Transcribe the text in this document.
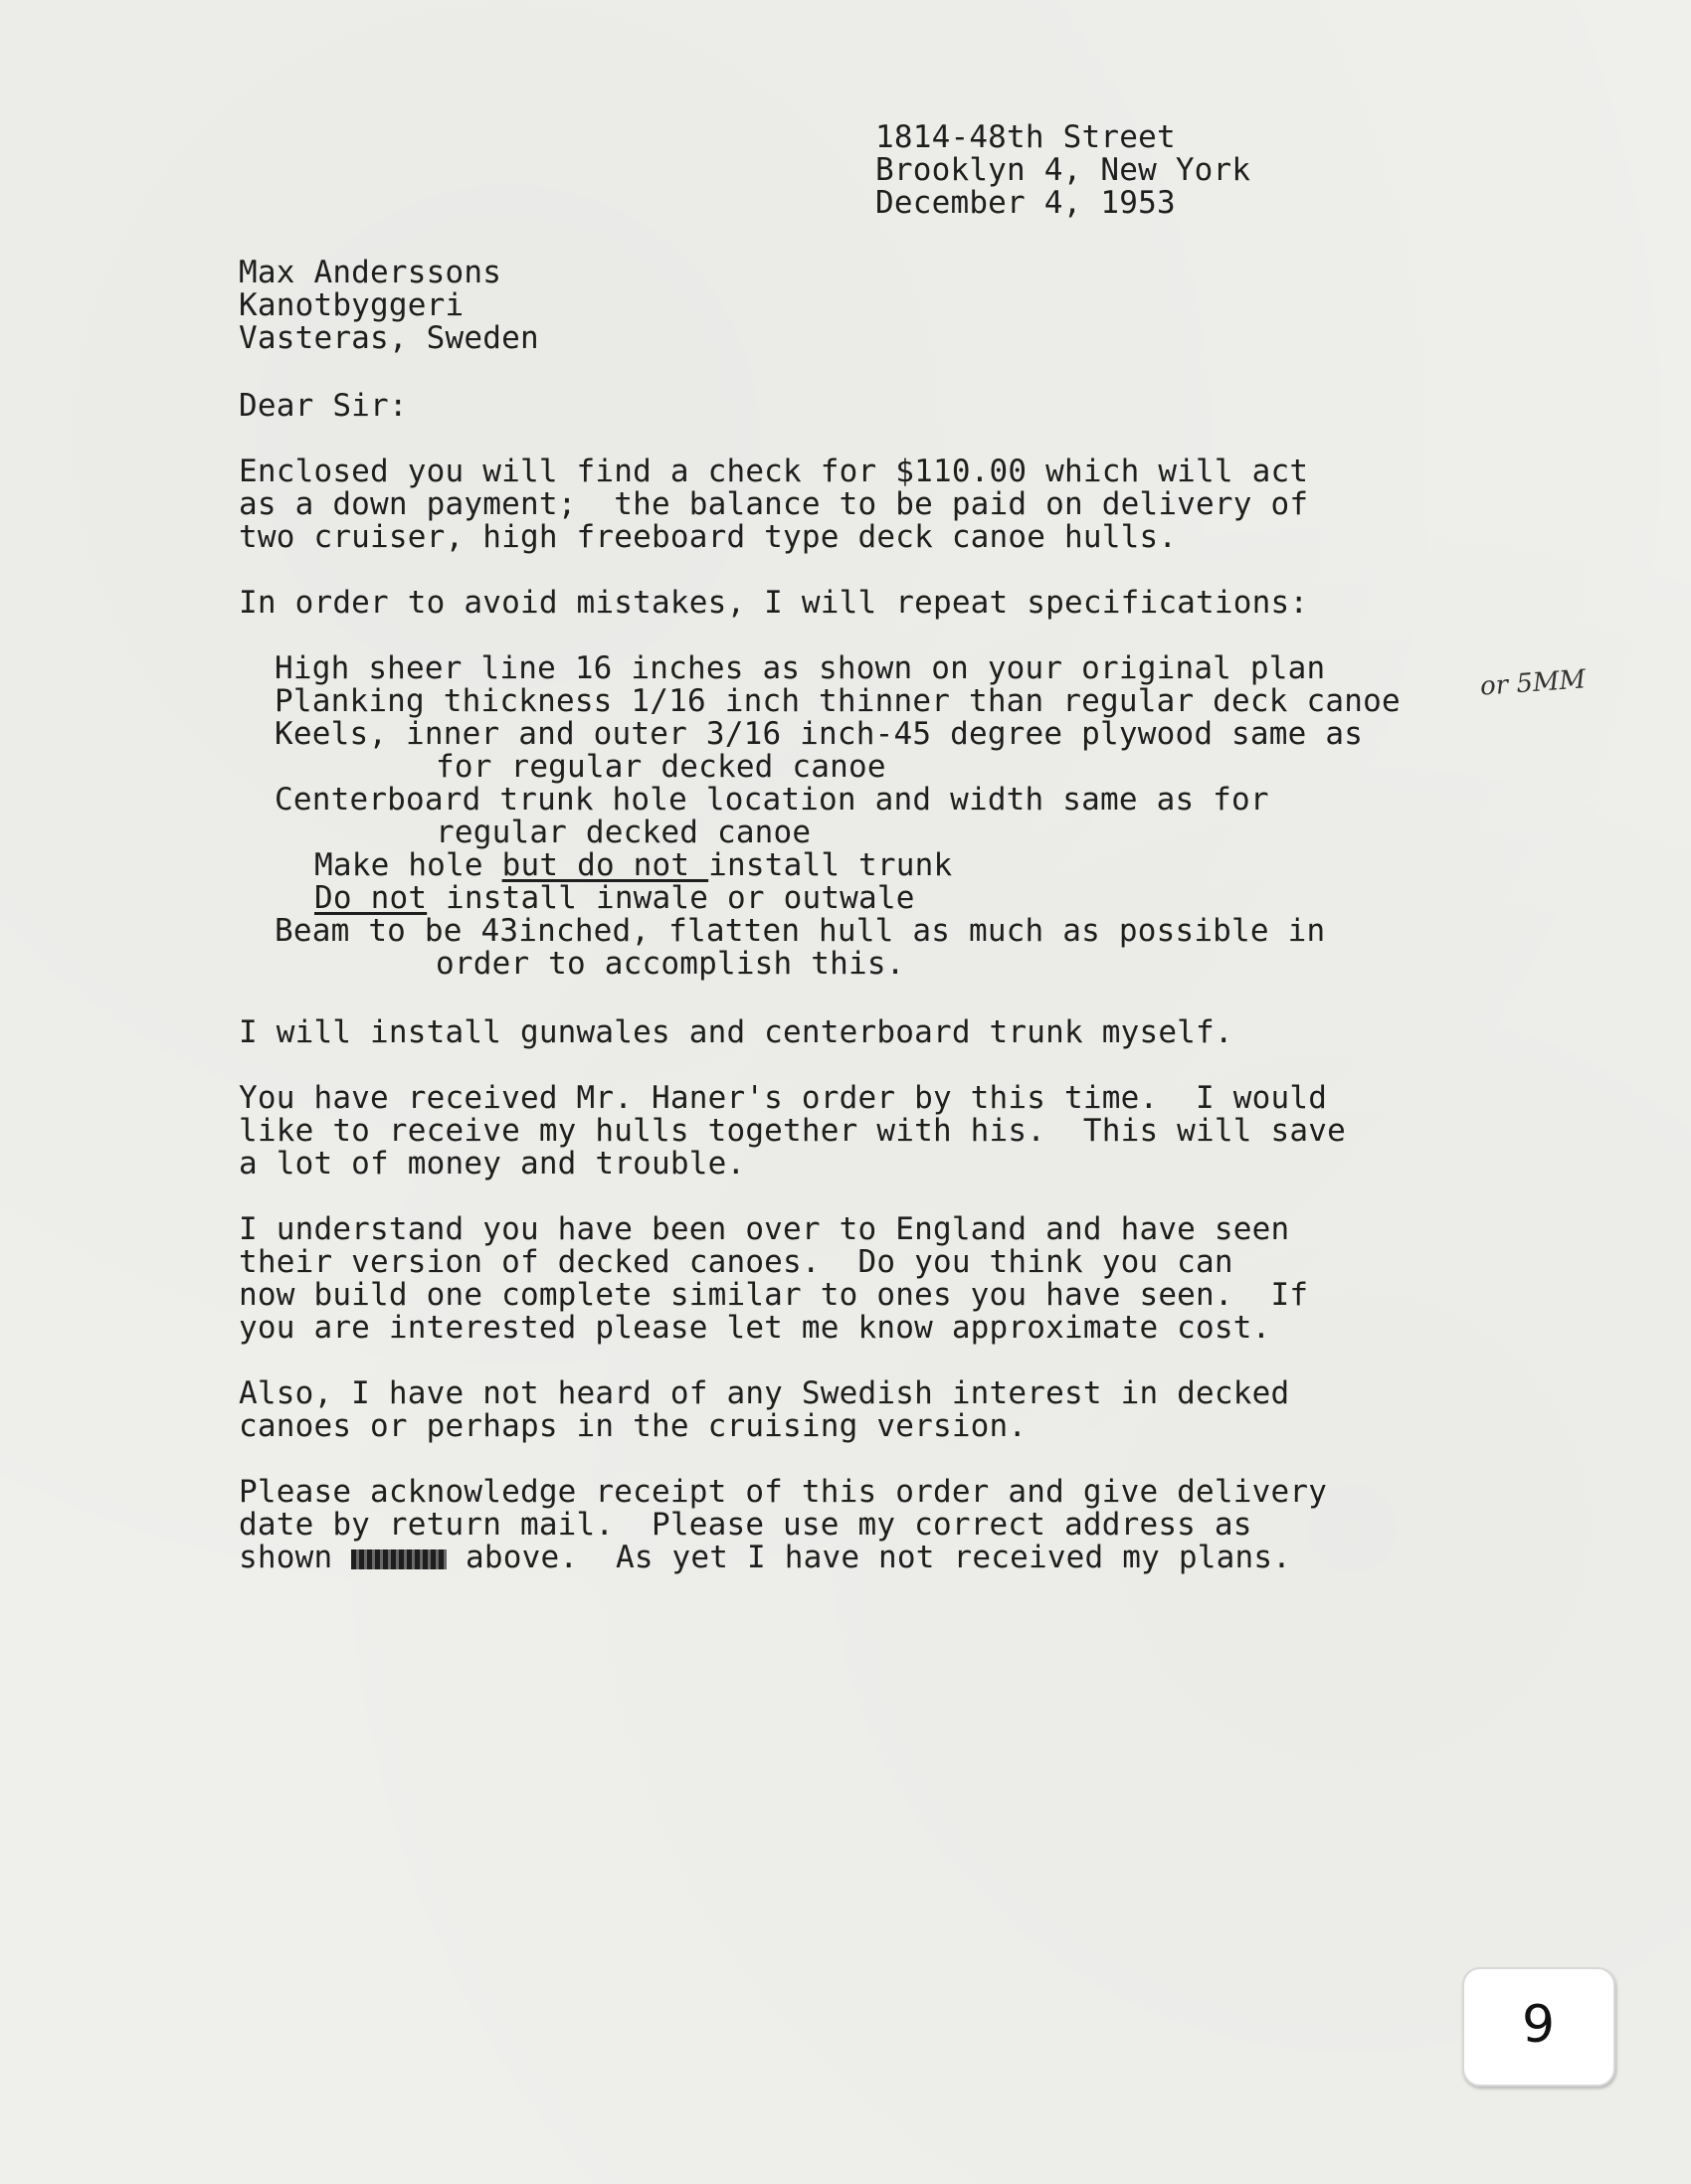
1814-48th Street
Brooklyn 4, New York
December 4, 1953
Max Anderssons
Kanotbyggeri
Vasteras, Sweden
Dear Sir:
Enclosed you will find a check for $110.00 which will act
as a down payment;  the balance to be paid on delivery of
two cruiser, high freeboard type deck canoe hulls.
In order to avoid mistakes, I will repeat specifications:
High sheer line 16 inches as shown on your original plan
Planking thickness 1/16 inch thinner than regular deck canoe
Keels, inner and outer 3/16 inch-45 degree plywood same as
for regular decked canoe
Centerboard trunk hole location and width same as for
regular decked canoe
Make hole but do not install trunk
Do not install inwale or outwale
Beam to be 43inched, flatten hull as much as possible in
order to accomplish this.
or 5MM
I will install gunwales and centerboard trunk myself.
You have received Mr. Haner's order by this time.  I would
like to receive my hulls together with his.  This will save
a lot of money and trouble.
I understand you have been over to England and have seen
their version of decked canoes.  Do you think you can
now build one complete similar to ones you have seen.  If
you are interested please let me know approximate cost.
Also, I have not heard of any Swedish interest in decked
canoes or perhaps in the cruising version.
Please acknowledge receipt of this order and give delivery
date by return mail.  Please use my correct address as
shown	above.  As yet I have not received my plans.
9
